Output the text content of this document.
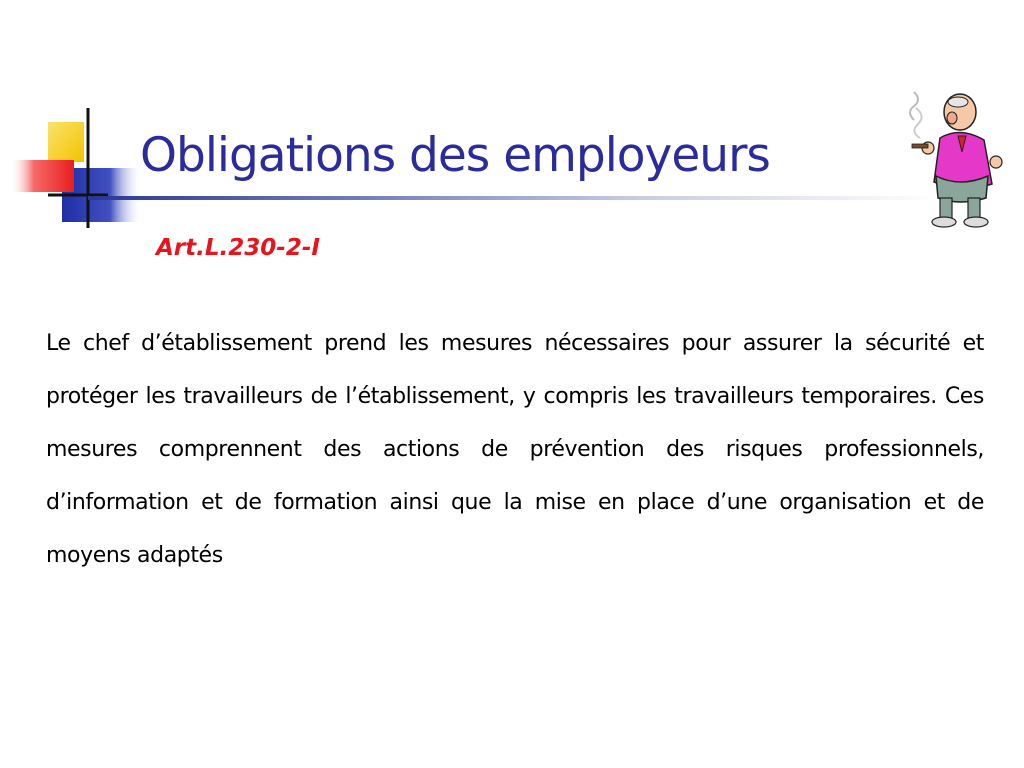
Obligations des employeurs

Art.L.230-2-I

Le chef d’établissement prend les mesures nécessaires pour assurer la sécurité et protéger les travailleurs de l’établissement, y compris les travailleurs temporaires. Ces mesures comprennent des actions de prévention des risques professionnels, d’information et de formation ainsi que la mise en place d’une organisation et de moyens adaptés
